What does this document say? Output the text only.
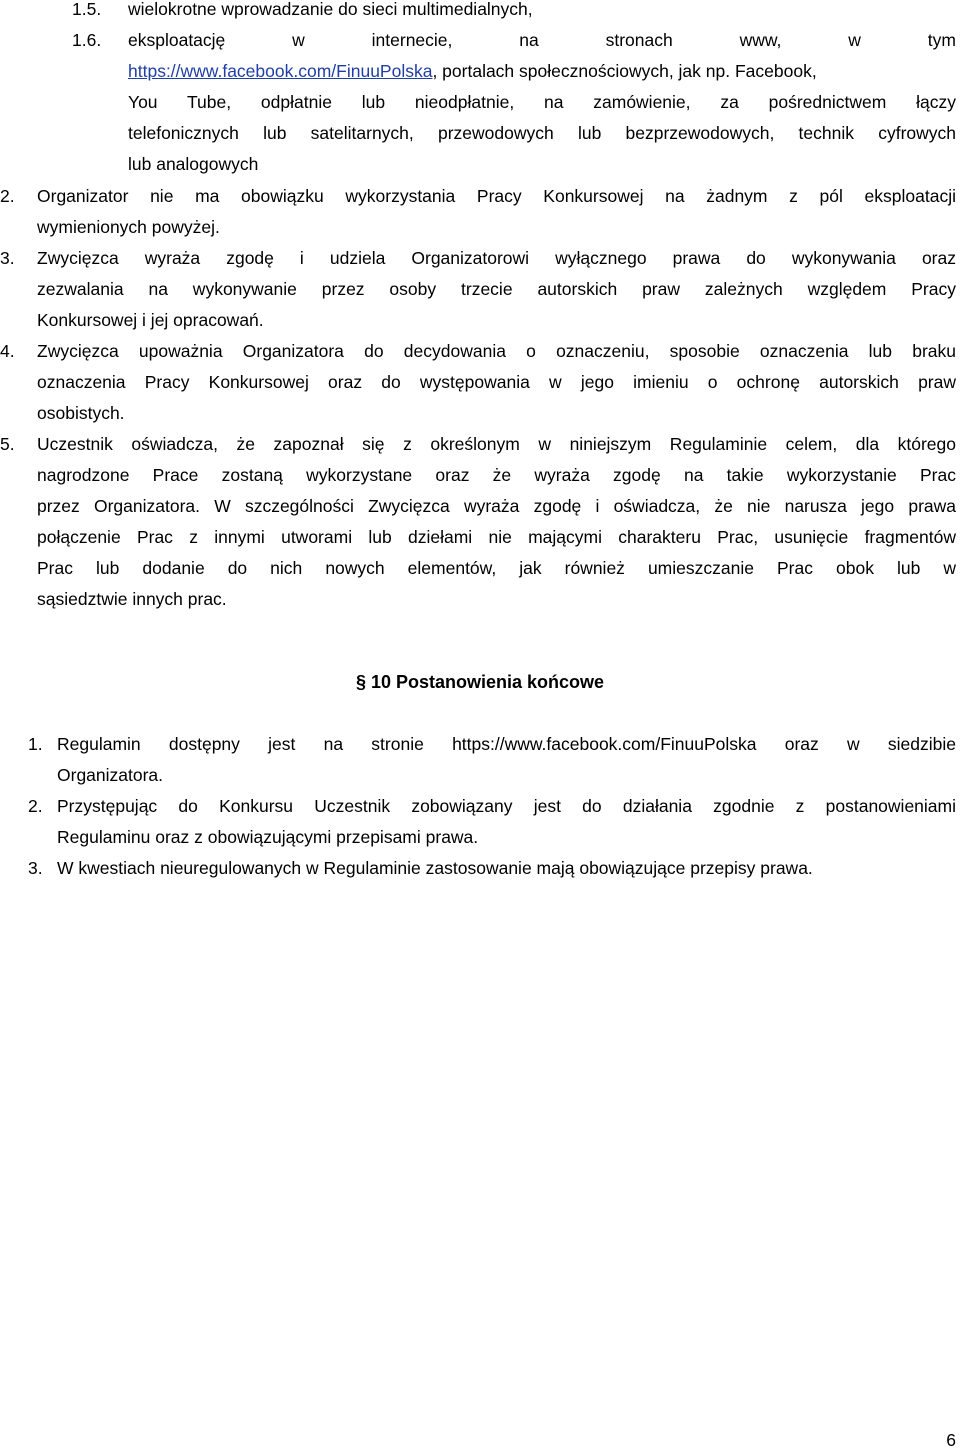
1.5. wielokrotne wprowadzanie do sieci multimedialnych,
1.6. eksploatację	w	internecie,	na	stronach	www,	w	tym
https://www.facebook.com/FinuuPolska, portalach społecznościowych, jak np. Facebook,
You Tube, odpłatnie lub nieodpłatnie, na zamówienie, za pośrednictwem łączy
telefonicznych lub satelitarnych, przewodowych lub bezprzewodowych, technik cyfrowych
lub analogowych
2. Organizator nie ma obowiązku wykorzystania Pracy Konkursowej na żadnym z pól eksploatacji
wymienionych powyżej.
3. Zwycięzca wyraża zgodę i udziela Organizatorowi wyłącznego prawa do wykonywania oraz
zezwalania na wykonywanie przez osoby trzecie autorskich praw zależnych względem Pracy
Konkursowej i jej opracowań.
4. Zwycięzca upoważnia Organizatora do decydowania o oznaczeniu, sposobie oznaczenia lub braku
oznaczenia Pracy Konkursowej oraz do występowania w jego imieniu o ochronę autorskich praw
osobistych.
5. Uczestnik oświadcza, że zapoznał się z określonym w niniejszym Regulaminie celem, dla którego
nagrodzone Prace zostaną wykorzystane oraz że wyraża zgodę na takie wykorzystanie Prac
przez Organizatora. W szczególności Zwycięzca wyraża zgodę i oświadcza, że nie narusza jego prawa
połączenie Prac z innymi utworami lub dziełami nie mającymi charakteru Prac, usunięcie fragmentów
Prac lub dodanie do nich nowych elementów, jak również umieszczanie Prac obok lub w
sąsiedztwie innych prac.
§ 10 Postanowienia końcowe
1. Regulamin dostępny jest na stronie https://www.facebook.com/FinuuPolska oraz w siedzibie
Organizatora.
2. Przystępując do Konkursu Uczestnik zobowiązany jest do działania zgodnie z postanowieniami
Regulaminu oraz z obowiązującymi przepisami prawa.
3. W kwestiach nieuregulowanych w Regulaminie zastosowanie mają obowiązujące przepisy prawa.
6
